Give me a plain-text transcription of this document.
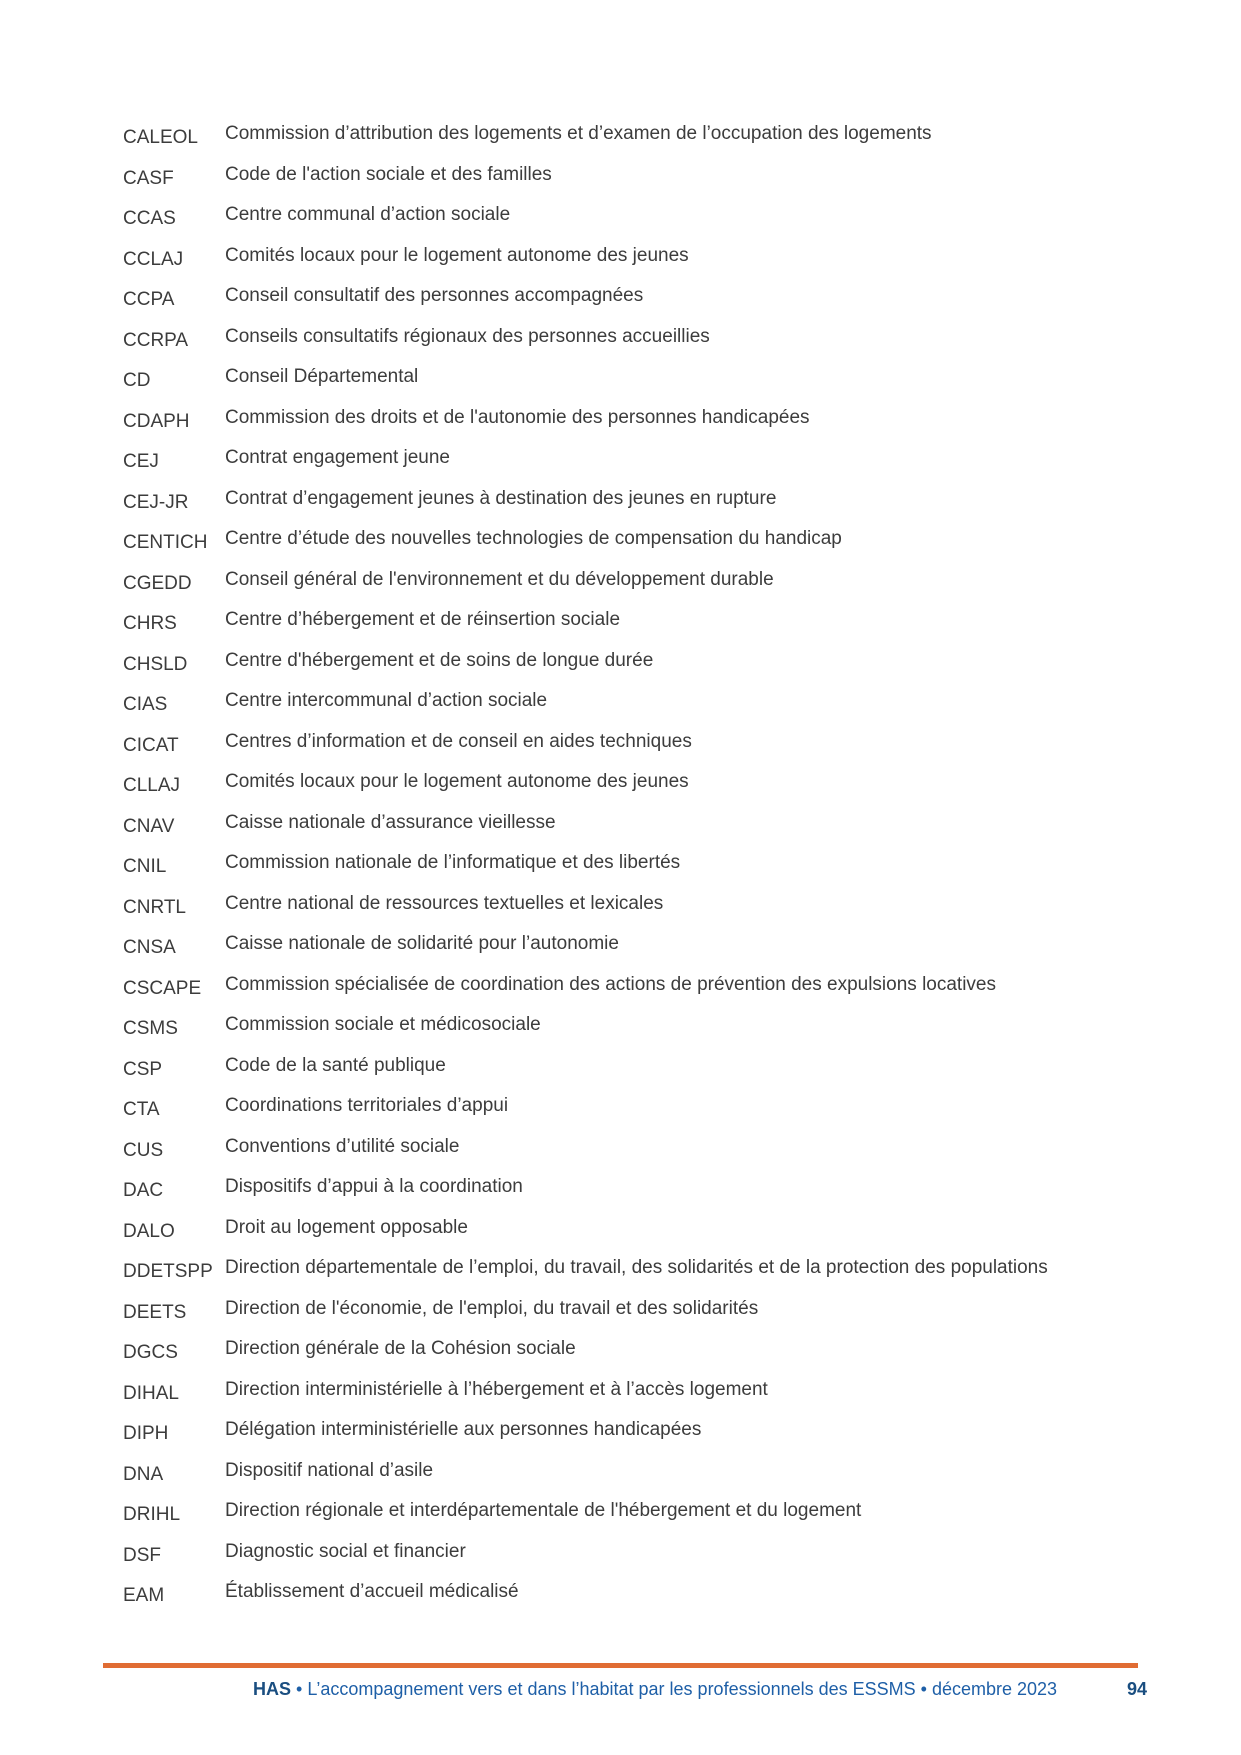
CALEOL	Commission d’attribution des logements et d’examen de l’occupation des logements
CASF	Code de l'action sociale et des familles
CCAS	Centre communal d’action sociale
CCLAJ	Comités locaux pour le logement autonome des jeunes
CCPA	Conseil consultatif des personnes accompagnées
CCRPA	Conseils consultatifs régionaux des personnes accueillies
CD	Conseil Départemental
CDAPH	Commission des droits et de l'autonomie des personnes handicapées
CEJ	Contrat engagement jeune
CEJ-JR	Contrat d’engagement jeunes à destination des jeunes en rupture
CENTICH Centre d’étude des nouvelles technologies de compensation du handicap
CGEDD	Conseil général de l'environnement et du développement durable
CHRS	Centre d’hébergement et de réinsertion sociale
CHSLD	Centre d'hébergement et de soins de longue durée
CIAS	Centre intercommunal d’action sociale
CICAT	Centres d’information et de conseil en aides techniques
CLLAJ	Comités locaux pour le logement autonome des jeunes
CNAV	Caisse nationale d’assurance vieillesse
CNIL	Commission nationale de l’informatique et des libertés
CNRTL	Centre national de ressources textuelles et lexicales
CNSA	Caisse nationale de solidarité pour l’autonomie
CSCAPE	Commission spécialisée de coordination des actions de prévention des expulsions locatives
CSMS	Commission sociale et médicosociale
CSP	Code de la santé publique
CTA	Coordinations territoriales d’appui
CUS	Conventions d’utilité sociale
DAC	Dispositifs d’appui à la coordination
DALO	Droit au logement opposable
DDETSPP Direction départementale de l’emploi, du travail, des solidarités et de la protection des populations
DEETS	Direction de l'économie, de l'emploi, du travail et des solidarités
DGCS	Direction générale de la Cohésion sociale
DIHAL	Direction interministérielle à l’hébergement et à l’accès logement
DIPH	Délégation interministérielle aux personnes handicapées
DNA	Dispositif national d’asile
DRIHL	Direction régionale et interdépartementale de l'hébergement et du logement
DSF	Diagnostic social et financier
EAM	Établissement d’accueil médicalisé
HAS • L’accompagnement vers et dans l’habitat par les professionnels des ESSMS • décembre 2023	94
